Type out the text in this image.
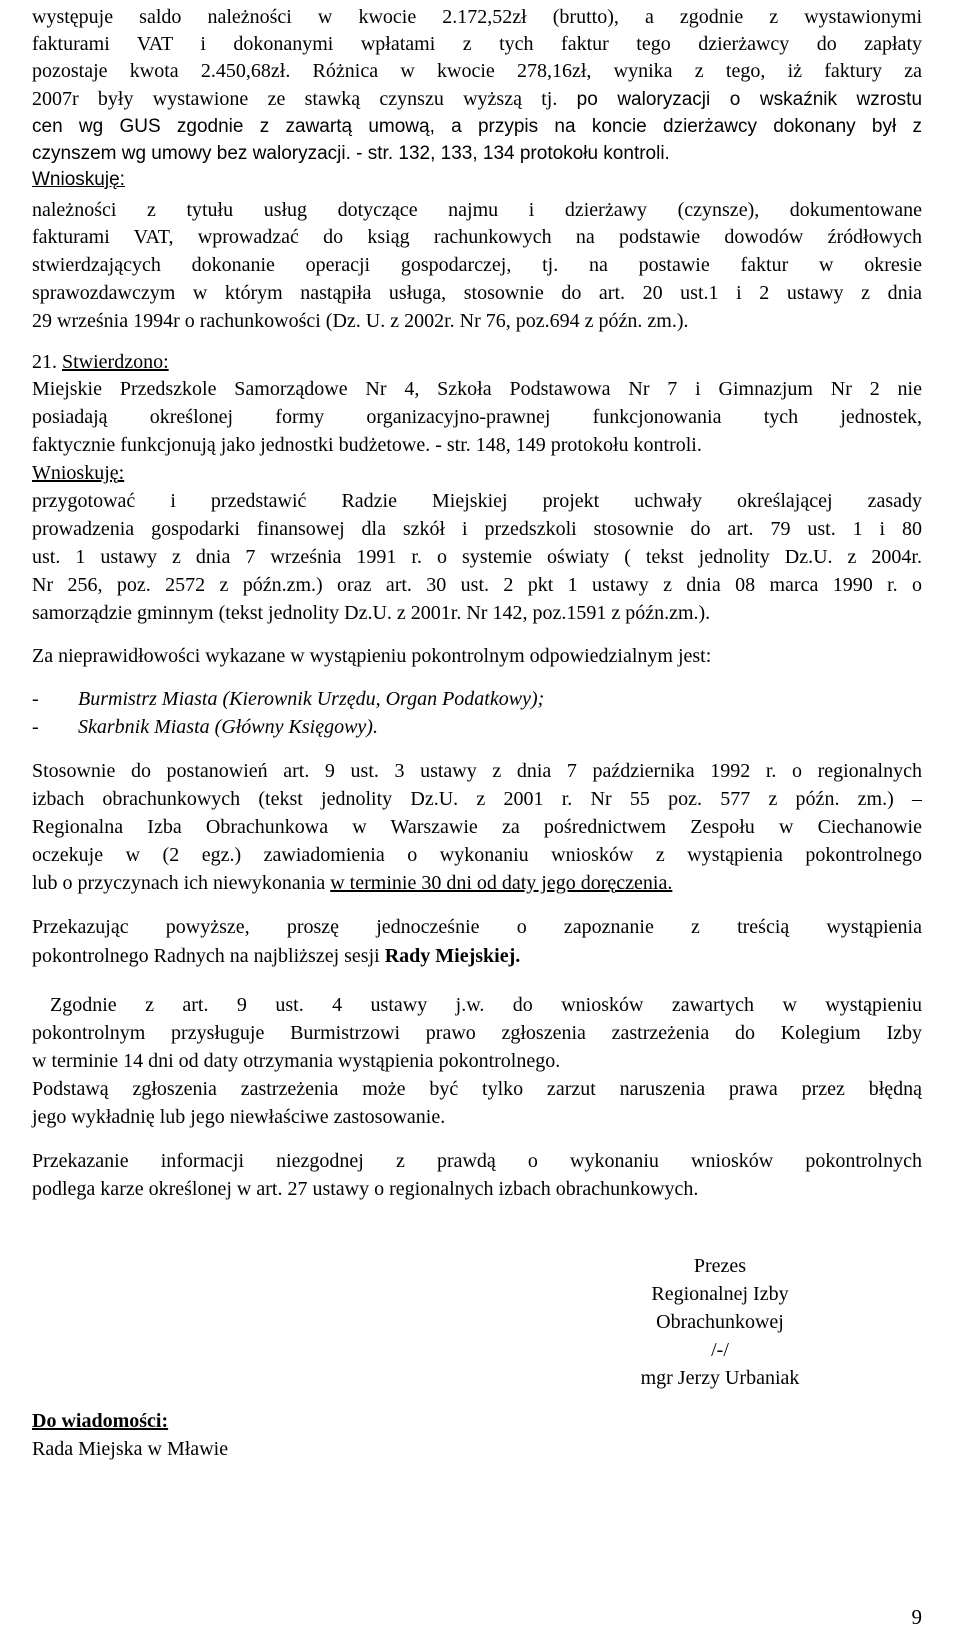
występuje saldo należności w kwocie 2.172,52zł (brutto), a zgodnie z wystawionymi
fakturami VAT i dokonanymi wpłatami z tych faktur tego dzierżawcy do zapłaty
pozostaje kwota 2.450,68zł. Różnica w kwocie 278,16zł, wynika z tego, iż faktury za
2007r były wystawione ze stawką czynszu wyższą tj. po waloryzacji o wskaźnik wzrostu
cen wg GUS zgodnie z zawartą umową, a przypis na koncie dzierżawcy dokonany był z
czynszem wg umowy bez waloryzacji. - str. 132, 133, 134 protokołu kontroli.
Wnioskuję:
należności z tytułu usług dotyczące najmu i dzierżawy (czynsze), dokumentowane
fakturami VAT, wprowadzać do ksiąg rachunkowych na podstawie dowodów źródłowych
stwierdzających dokonanie operacji gospodarczej, tj. na postawie faktur w okresie
sprawozdawczym w którym nastąpiła usługa, stosownie do art. 20 ust.1 i 2 ustawy z dnia
29 września 1994r o rachunkowości (Dz. U. z 2002r. Nr 76, poz.694 z późn. zm.).
21. Stwierdzono:
Miejskie Przedszkole Samorządowe Nr 4, Szkoła Podstawowa Nr 7 i Gimnazjum Nr 2 nie
posiadają określonej formy organizacyjno-prawnej funkcjonowania tych jednostek,
faktycznie funkcjonują jako jednostki budżetowe. - str. 148, 149 protokołu kontroli.
Wnioskuję:
przygotować i przedstawić Radzie Miejskiej projekt uchwały określającej zasady
prowadzenia gospodarki finansowej dla szkół i przedszkoli stosownie do art. 79 ust. 1 i 80
ust. 1 ustawy z dnia 7 września 1991 r. o systemie oświaty ( tekst jednolity Dz.U. z 2004r.
Nr 256, poz. 2572 z późn.zm.) oraz art. 30 ust. 2 pkt 1 ustawy z dnia 08 marca 1990 r. o
samorządzie gminnym (tekst jednolity Dz.U. z 2001r. Nr 142, poz.1591 z późn.zm.).
Za nieprawidłowości wykazane w wystąpieniu pokontrolnym odpowiedzialnym jest:
- Burmistrz Miasta (Kierownik Urzędu, Organ Podatkowy);
- Skarbnik Miasta (Główny Księgowy).
Stosownie do postanowień art. 9 ust. 3 ustawy z dnia 7 października 1992 r. o regionalnych
izbach obrachunkowych (tekst jednolity Dz.U. z 2001 r. Nr 55 poz. 577 z późn. zm.) –
Regionalna Izba Obrachunkowa w Warszawie za pośrednictwem Zespołu w Ciechanowie
oczekuje w (2 egz.) zawiadomienia o wykonaniu wniosków z wystąpienia pokontrolnego
lub o przyczynach ich niewykonania w terminie 30 dni od daty jego doręczenia.
Przekazując powyższe, proszę jednocześnie o zapoznanie z treścią wystąpienia
pokontrolnego Radnych na najbliższej sesji Rady Miejskiej.
Zgodnie z art. 9 ust. 4 ustawy j.w. do wniosków zawartych w wystąpieniu
pokontrolnym przysługuje Burmistrzowi prawo zgłoszenia zastrzeżenia do Kolegium Izby
w terminie 14 dni od daty otrzymania wystąpienia pokontrolnego.
Podstawą zgłoszenia zastrzeżenia może być tylko zarzut naruszenia prawa przez błędną
jego wykładnię lub jego niewłaściwe zastosowanie.
Przekazanie informacji niezgodnej z prawdą o wykonaniu wniosków pokontrolnych
podlega karze określonej w art. 27 ustawy o regionalnych izbach obrachunkowych.
Prezes
Regionalnej Izby
Obrachunkowej
/-/
mgr Jerzy Urbaniak
Do wiadomości:
Rada Miejska w Mławie
9
